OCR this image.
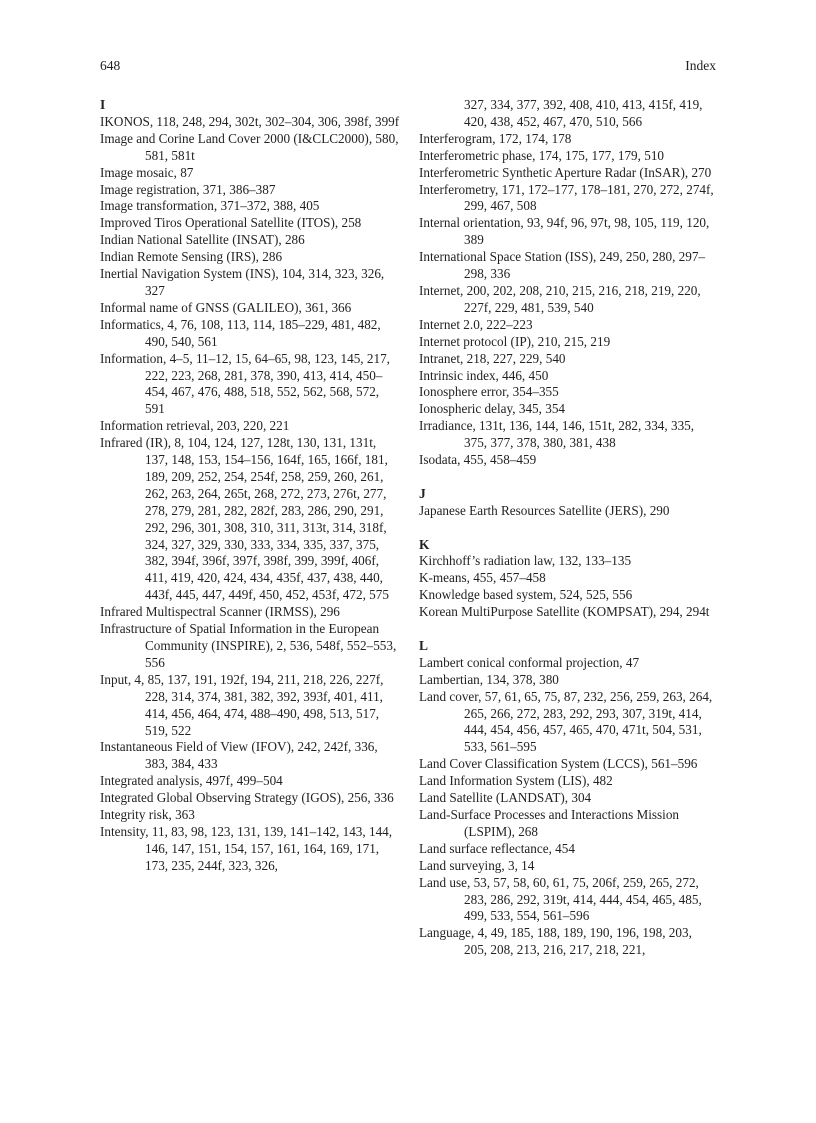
648	Index
I

IKONOS, 118, 248, 294, 302t, 302–304, 306, 398f, 399f

Image and Corine Land Cover 2000 (I&CLC2000), 580, 581, 581t

Image mosaic, 87

Image registration, 371, 386–387

Image transformation, 371–372, 388, 405

Improved Tiros Operational Satellite (ITOS), 258

Indian National Satellite (INSAT), 286

Indian Remote Sensing (IRS), 286

Inertial Navigation System (INS), 104, 314, 323, 326, 327

Informal name of GNSS (GALILEO), 361, 366

Informatics, 4, 76, 108, 113, 114, 185–229, 481, 482, 490, 540, 561

Information, 4–5, 11–12, 15, 64–65, 98, 123, 145, 217, 222, 223, 268, 281, 378, 390, 413, 414, 450–454, 467, 476, 488, 518, 552, 562, 568, 572, 591

Information retrieval, 203, 220, 221

Infrared (IR), 8, 104, 124, 127, 128t, 130, 131, 131t, 137, 148, 153, 154–156, 164f, 165, 166f, 181, 189, 209, 252, 254, 254f, 258, 259, 260, 261, 262, 263, 264, 265t, 268, 272, 273, 276t, 277, 278, 279, 281, 282, 282f, 283, 286, 290, 291, 292, 296, 301, 308, 310, 311, 313t, 314, 318f, 324, 327, 329, 330, 333, 334, 335, 337, 375, 382, 394f, 396f, 397f, 398f, 399, 399f, 406f, 411, 419, 420, 424, 434, 435f, 437, 438, 440, 443f, 445, 447, 449f, 450, 452, 453f, 472, 575

Infrared Multispectral Scanner (IRMSS), 296

Infrastructure of Spatial Information in the European Community (INSPIRE), 2, 536, 548f, 552–553, 556

Input, 4, 85, 137, 191, 192f, 194, 211, 218, 226, 227f, 228, 314, 374, 381, 382, 392, 393f, 401, 411, 414, 456, 464, 474, 488–490, 498, 513, 517, 519, 522

Instantaneous Field of View (IFOV), 242, 242f, 336, 383, 384, 433

Integrated analysis, 497f, 499–504

Integrated Global Observing Strategy (IGOS), 256, 336

Integrity risk, 363

Intensity, 11, 83, 98, 123, 131, 139, 141–142, 143, 144, 146, 147, 151, 154, 157, 161, 164, 169, 171, 173, 235, 244f, 323, 326,

327, 334, 377, 392, 408, 410, 413, 415f, 419, 420, 438, 452, 467, 470, 510, 566

Interferogram, 172, 174, 178

Interferometric phase, 174, 175, 177, 179, 510

Interferometric Synthetic Aperture Radar (InSAR), 270

Interferometry, 171, 172–177, 178–181, 270, 272, 274f, 299, 467, 508

Internal orientation, 93, 94f, 96, 97t, 98, 105, 119, 120, 389

International Space Station (ISS), 249, 250, 280, 297–298, 336

Internet, 200, 202, 208, 210, 215, 216, 218, 219, 220, 227f, 229, 481, 539, 540

Internet 2.0, 222–223

Internet protocol (IP), 210, 215, 219

Intranet, 218, 227, 229, 540

Intrinsic index, 446, 450

Ionosphere error, 354–355

Ionospheric delay, 345, 354

Irradiance, 131t, 136, 144, 146, 151t, 282, 334, 335, 375, 377, 378, 380, 381, 438

Isodata, 455, 458–459

J

Japanese Earth Resources Satellite (JERS), 290

K

Kirchhoff’s radiation law, 132, 133–135

K-means, 455, 457–458

Knowledge based system, 524, 525, 556

Korean MultiPurpose Satellite (KOMPSAT), 294, 294t

L

Lambert conical conformal projection, 47

Lambertian, 134, 378, 380

Land cover, 57, 61, 65, 75, 87, 232, 256, 259, 263, 264, 265, 266, 272, 283, 292, 293, 307, 319t, 414, 444, 454, 456, 457, 465, 470, 471t, 504, 531, 533, 561–595

Land Cover Classification System (LCCS), 561–596

Land Information System (LIS), 482

Land Satellite (LANDSAT), 304

Land-Surface Processes and Interactions Mission (LSPIM), 268

Land surface reflectance, 454

Land surveying, 3, 14

Land use, 53, 57, 58, 60, 61, 75, 206f, 259, 265, 272, 283, 286, 292, 319t, 414, 444, 454, 465, 485, 499, 533, 554, 561–596

Language, 4, 49, 185, 188, 189, 190, 196, 198, 203, 205, 208, 213, 216, 217, 218, 221,
